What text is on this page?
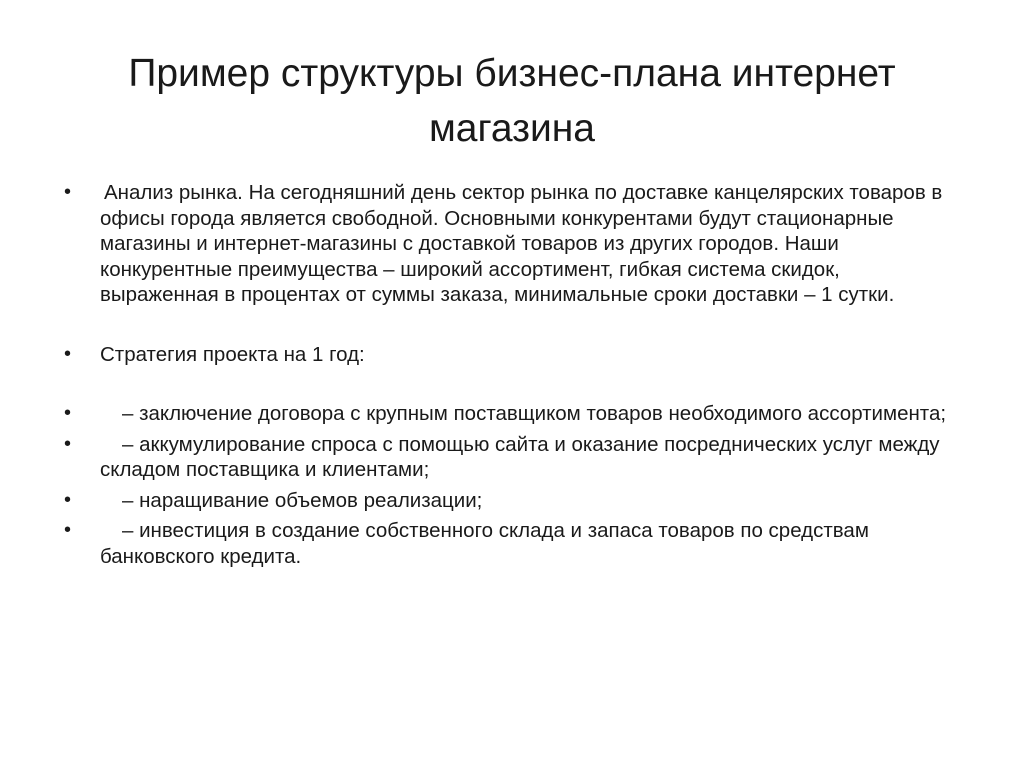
Пример структуры бизнес-плана интернет
магазина
•	Анализ рынка. На сегодняшний день сектор рынка по доставке канцелярских товаров в офисы города является свободной. Основными конкурентами будут стационарные магазины и интернет-магазины с доставкой товаров из других городов. Наши конкурентные преимущества – широкий ассортимент, гибкая система скидок, выраженная в процентах от суммы заказа, минимальные сроки доставки – 1 сутки.
•	Стратегия проекта на 1 год:
•	– заключение договора с крупным поставщиком товаров необходимого ассортимента;
•	– аккумулирование спроса с помощью сайта и оказание посреднических услуг между складом поставщика и клиентами;
•	– наращивание объемов реализации;
•	– инвестиция в создание собственного склада и запаса товаров по средствам банковского кредита.
